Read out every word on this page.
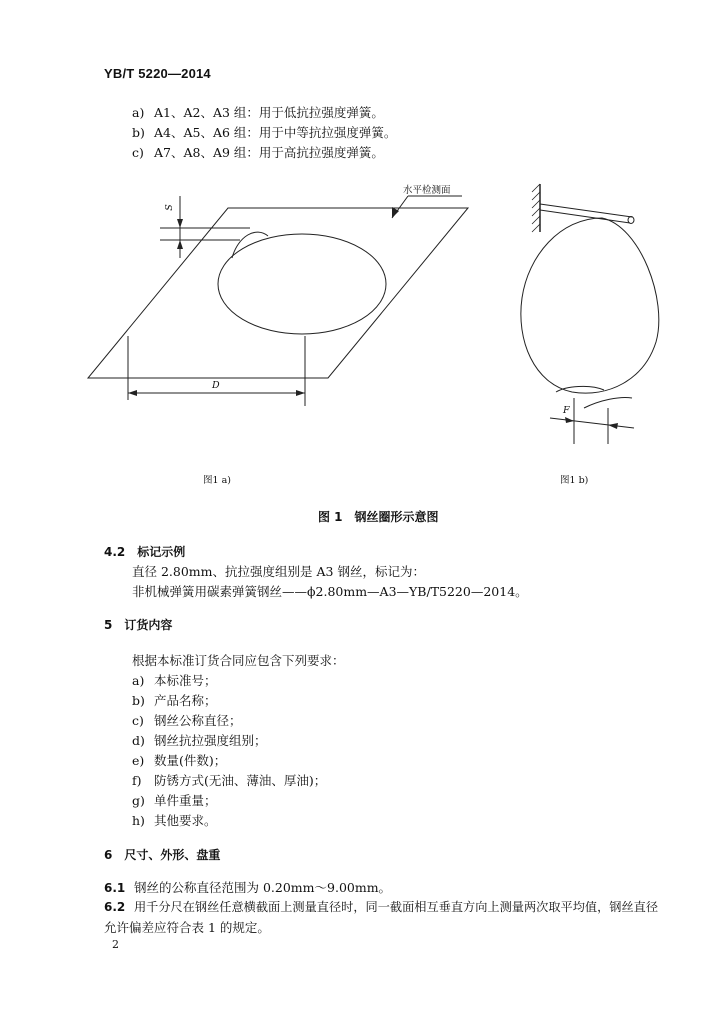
YB/T 5220—2014
a) A1、A2、A3 组：用于低抗拉强度弹簧。
b) A4、A5、A6 组：用于中等抗拉强度弹簧。
c) A7、A8、A9 组：用于高抗拉强度弹簧。
水平检测面
S
D
F
图1 a)	图1 b)
图 1　钢丝圈形示意图
4.2　标记示例
直径 2.80mm、抗拉强度组别是 A3 钢丝，标记为：
非机械弹簧用碳素弹簧钢丝——ϕ2.80mm—A3—YB/T5220—2014。
5　订货内容
根据本标准订货合同应包含下列要求：
a) 本标准号；
b) 产品名称；
c) 钢丝公称直径；
d) 钢丝抗拉强度组别；
e) 数量(件数)；
f) 防锈方式(无油、薄油、厚油)；
g) 单件重量；
h) 其他要求。
6　尺寸、外形、盘重
6.1 钢丝的公称直径范围为 0.20mm～9.00mm。
6.2 用千分尺在钢丝任意横截面上测量直径时，同一截面相互垂直方向上测量两次取平均值，钢丝直径
允许偏差应符合表 1 的规定。
2
